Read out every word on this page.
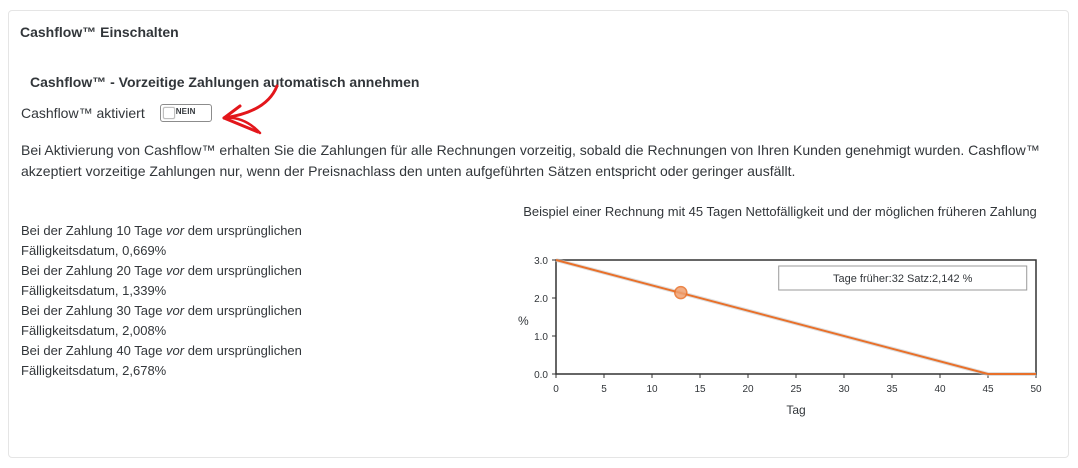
Cashflow™ Einschalten
Cashflow™ - Vorzeitige Zahlungen automatisch annehmen
Cashflow™ aktiviert	NEIN
Bei Aktivierung von Cashflow™ erhalten Sie die Zahlungen für alle Rechnungen vorzeitig, sobald die Rechnungen von Ihren Kunden genehmigt wurden. Cashflow™ akzeptiert vorzeitige Zahlungen nur, wenn der Preisnachlass den unten aufgeführten Sätzen entspricht oder geringer ausfällt.
Bei der Zahlung 10 Tage vor dem ursprünglichen
Fälligkeitsdatum, 0,669%
Bei der Zahlung 20 Tage vor dem ursprünglichen
Fälligkeitsdatum, 1,339%
Bei der Zahlung 30 Tage vor dem ursprünglichen
Fälligkeitsdatum, 2,008%
Bei der Zahlung 40 Tage vor dem ursprünglichen
Fälligkeitsdatum, 2,678%
Beispiel einer Rechnung mit 45 Tagen Nettofälligkeit und der möglichen früheren Zahlung
0.0
1.0
2.0
3.0
0	5	10	15	20	25	30	35	40	45	50
Tag
%
Tage früher:32 Satz:2,142 %
